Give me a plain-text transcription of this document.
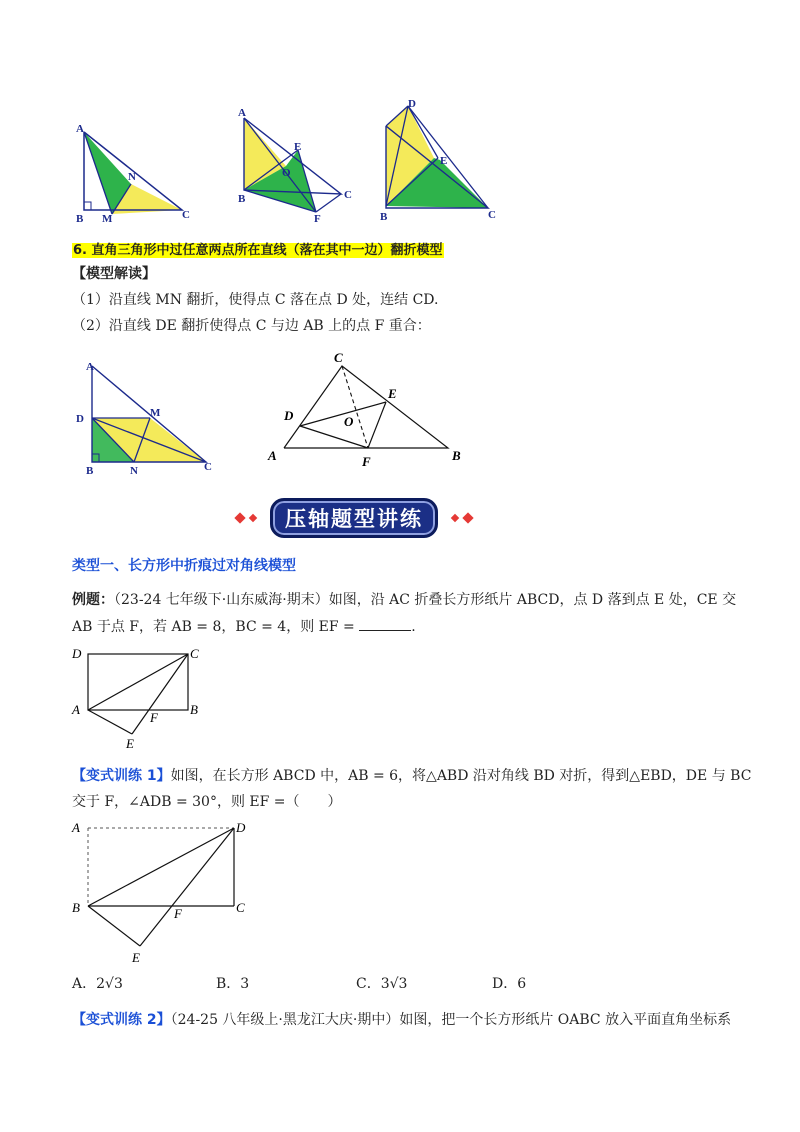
A
N
B M	C
A
O
E
B
F
C
D
E
B	C
6. 直角三角形中过任意两点所在直线（落在其中一边）翻折模型
【模型解读】
（1）沿直线 MN 翻折，使得点 C 落在点 D 处，连结 CD.
（2）沿直线 DE 翻折使得点 C 与边 AB 上的点 F 重合：
A
D	M
B	N	C
C
E
D	O
A	F	B
压轴题型讲练
类型一、长方形中折痕过对角线模型
例题：（23-24 七年级下·山东威海·期末）如图，沿 AC 折叠长方形纸片 ABCD，点 D 落到点 E 处，CE 交
AB 于点 F，若 AB = 8，BC = 4，则 EF =	.
D	C
A	B
F
E
【变式训练 1】如图，在长方形 ABCD 中，AB = 6，将△ABD 沿对角线 BD 对折，得到△EBD，DE 与 BC
交于 F，∠ADB = 30°，则 EF =（　　）
A	D
B	C
F
E
A．2√3	B．3	C．3√3	D．6
【变式训练 2】（24-25 八年级上·黑龙江大庆·期中）如图，把一个长方形纸片 OABC 放入平面直角坐标系
